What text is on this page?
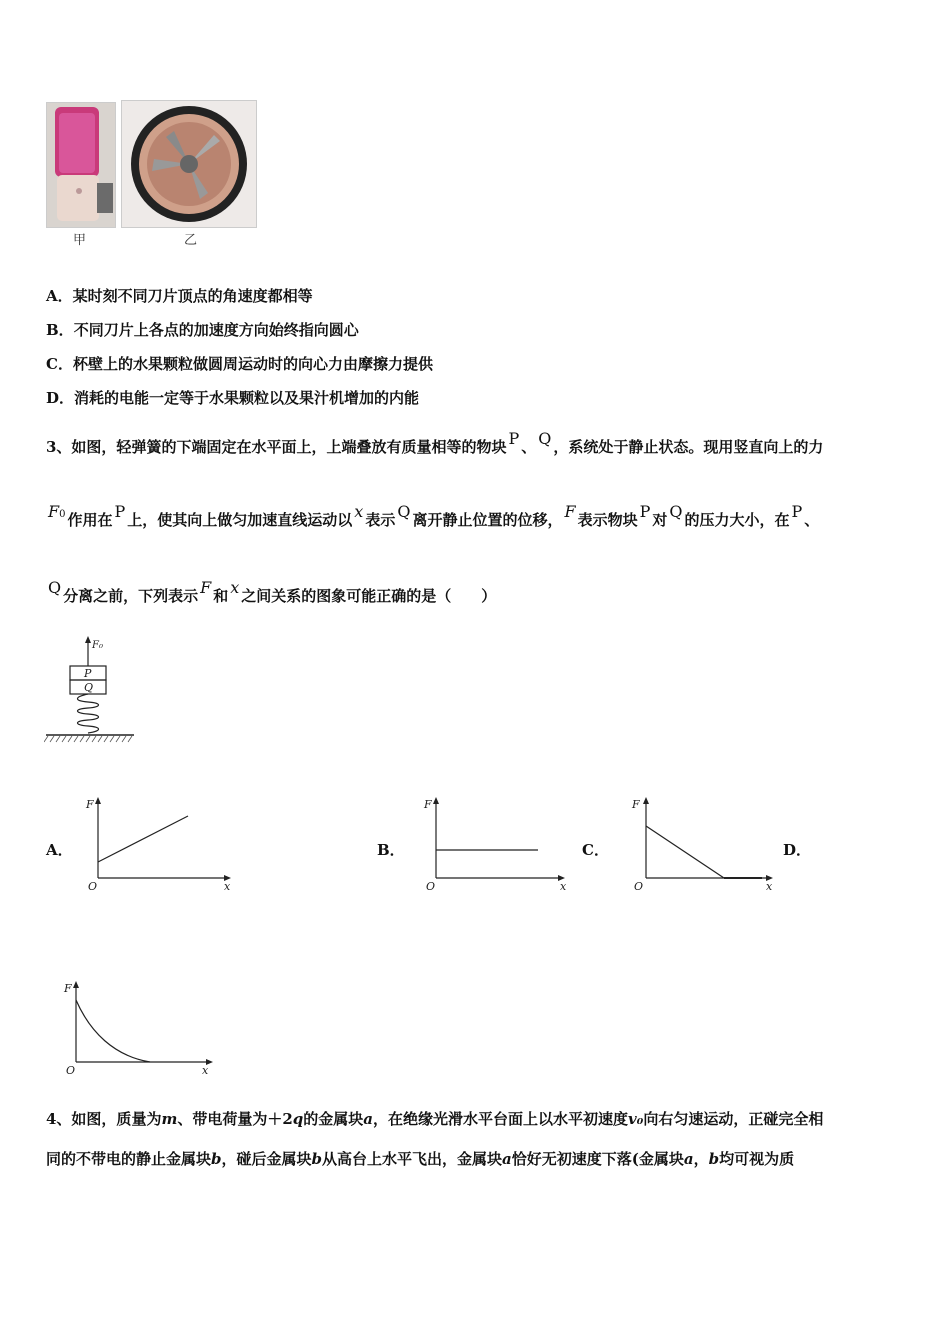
甲	乙
A．某时刻不同刀片顶点的角速度都相等
B．不同刀片上各点的加速度方向始终指向圆心
C．杯壁上的水果颗粒做圆周运动时的向心力由摩擦力提供
D．消耗的电能一定等于水果颗粒以及果汁机增加的内能
3、如图，轻弹簧的下端固定在水平面上，上端叠放有质量相等的物块 P 、 Q ，系统处于静止状态。现用竖直向上的力
F0 作用在 P 上，使其向上做匀加速直线运动以 x 表示 Q 离开静止位置的位移， F 表示物块 P 对 Q 的压力大小，在 P 、
Q 分离之前，下列表示 F 和 x 之间关系的图象可能正确的是（　　）
F₀
P
Q
A．	B．	C．	D．
F
x
O
F
x
O
F
x
O
F
x
O
4、如图，质量为m、带电荷量为＋2q的金属块a，在绝缘光滑水平台面上以水平初速度v₀向右匀速运动，正碰完全相
同的不带电的静止金属块b，碰后金属块b从高台上水平飞出，金属块a恰好无初速度下落(金属块a，b均可视为质
